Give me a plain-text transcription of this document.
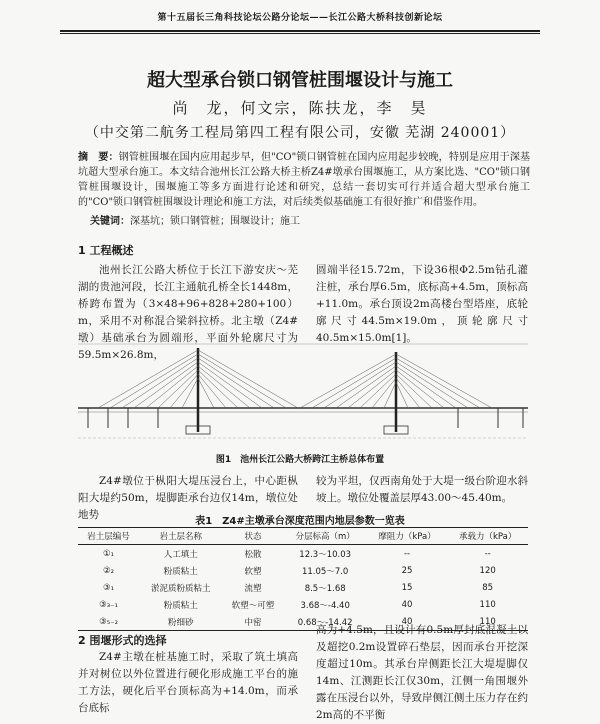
第十五届长三角科技论坛公路分论坛——长江公路大桥科技创新论坛
超大型承台锁口钢管桩围堰设计与施工
尚　龙，何文宗，陈扶龙，李　昊
（中交第二航务工程局第四工程有限公司，安徽 芜湖 240001）
摘　要：钢管桩围堰在国内应用起步早，但"CO"锁口钢管桩在国内应用起步较晚，特别是应用于深基坑超大型承台施工。本文结合池州长江公路大桥主桥Z4#墩承台围堰施工，从方案比选、"CO"锁口钢管桩围堰设计，围堰施工等多方面进行论述和研究，总结一套切实可行并适合超大型承台施工的"CO"锁口钢管桩围堰设计理论和施工方法，对后续类似基础施工有很好推广和借鉴作用。
关键词：深基坑；锁口钢管桩；围堰设计；施工
1 工程概述
池州长江公路大桥位于长江下游安庆～芜湖的贵池河段，长江主通航孔桥全长1448m，桥跨布置为（3×48+96+828+280+100）m，采用不对称混合梁斜拉桥。北主墩（Z4#墩）基础承台为圆端形，平面外轮廓尺寸为59.5m×26.8m，
圆端半径15.72m，下设36根Φ2.5m钻孔灌注桩，承台厚6.5m，底标高+4.5m，顶标高+11.0m。承台顶设2m高楼台型塔座，底轮廓尺寸44.5m×19.0m，顶轮廓尺寸40.5m×15.0m[1]。
图1　池州长江公路大桥跨江主桥总体布置
Z4#墩位于枞阳大堤压浸台上，中心距枞阳大堤约50m，堤脚距承台边仅14m，墩位处地势
较为平坦，仅西南角处于大堤一级台阶迎水斜坡上。墩位处覆盖层厚43.00～45.40m。
表1　Z4#主墩承台深度范围内地层参数一览表
岩土层编号	岩土层名称	状态	分层标高（m）	摩阻力（kPa）	承载力（kPa）
①₁	人工填土	松散	12.3～10.03	--	--
②₂	粉质粘土	软塑	11.05～7.0	25	120
③₁	淤泥质粉质粘土	流塑	8.5～1.68	15	85
③₃₋₁	粉质粘土	软塑～可塑	3.68～-4.40	40	110
③₅₋₂	粉细砂	中密	0.68～-14.42	40	110
2 围堰形式的选择
Z4#主墩在桩基施工时，采取了筑土填高并对树位以外位置进行硬化形成施工平台的施工方法，硬化后平台顶标高为+14.0m，而承台底标
高为+4.5m，且设计有0.5m厚封底混凝土以及超挖0.2m设置碎石垫层，因而承台开挖深度超过10m。其承台岸侧距长江大堤堤脚仅14m、江测距长江仅30m，江侧一角围堰外露在压浸台以外，导致岸侧江侧土压力存在约2m高的不平衡
